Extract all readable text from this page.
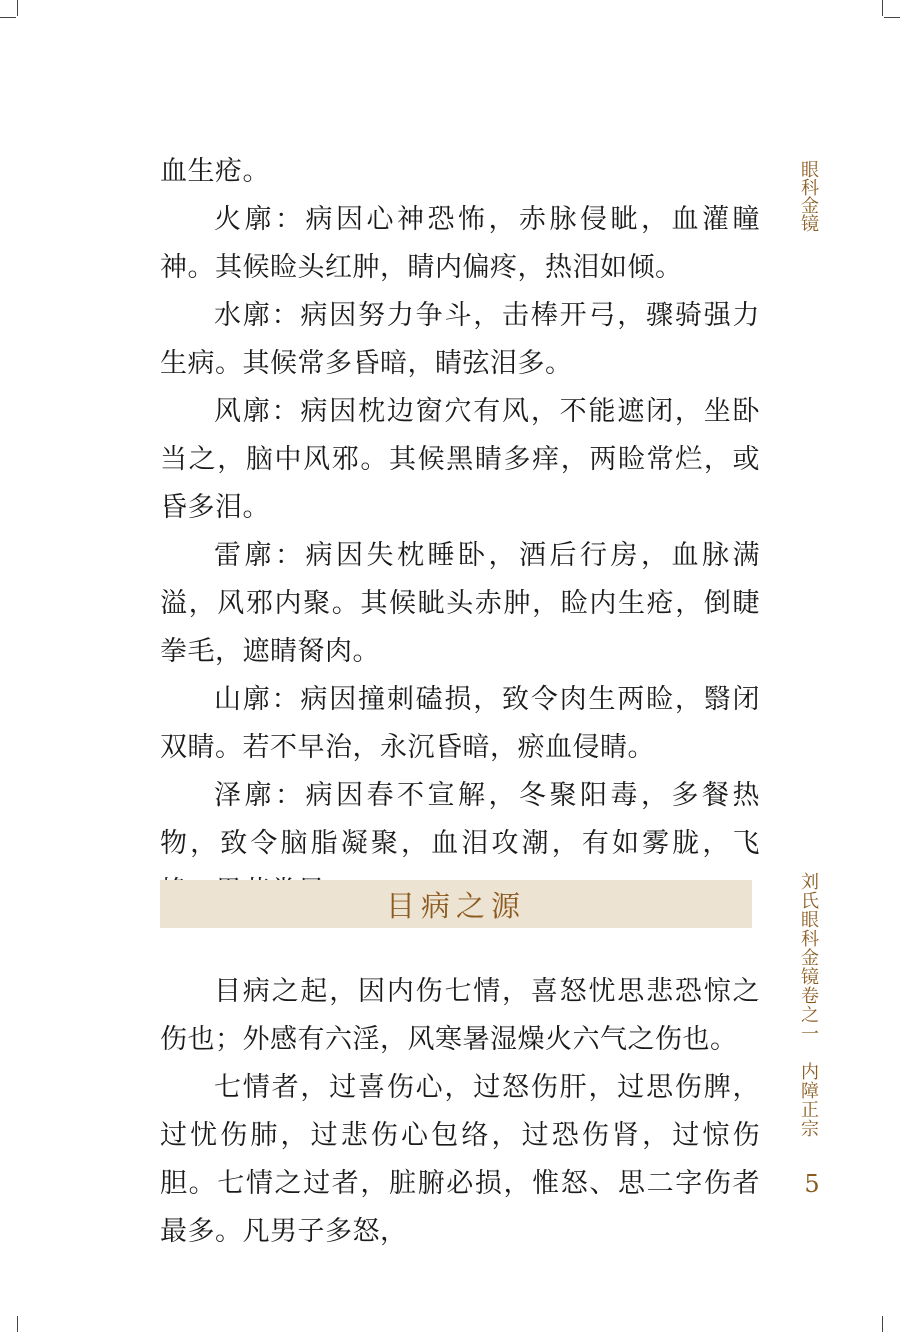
血生疮。

火廓：病因心神恐怖，赤脉侵眦，血灌瞳神。其候睑头红肿，睛内偏疼，热泪如倾。

水廓：病因努力争斗，击棒开弓，骤骑强力生病。其候常多昏暗，睛弦泪多。

风廓：病因枕边窗穴有风，不能遮闭，坐卧当之，脑中风邪。其候黑睛多痒，两睑常烂，或昏多泪。

雷廓：病因失枕睡卧，酒后行房，血脉满溢，风邪内聚。其候眦头赤肿，睑内生疮，倒睫拳毛，遮睛胬肉。

山廓：病因撞刺磕损，致令肉生两睑，翳闭双睛。若不早治，永沉昏暗，瘀血侵睛。

泽廓：病因春不宣解，冬聚阳毒，多餐热物，致令脑脂凝聚，血泪攻潮，有如雾胧，飞

目病之源

目病之起，因内伤七情，喜怒忧思悲恐惊之伤也；外感有六淫，风寒暑湿燥火六气之伤也。

七情者，过喜伤心，过怒伤肝，过思伤脾，过忧伤肺，过悲伤心包络，过恐伤肾，过惊伤胆。七情之过者，脏腑必损，惟怒、思二字伤者最多。凡男子多怒，

眼科金镜
刘氏眼科金镜卷之一　内障正宗
5
